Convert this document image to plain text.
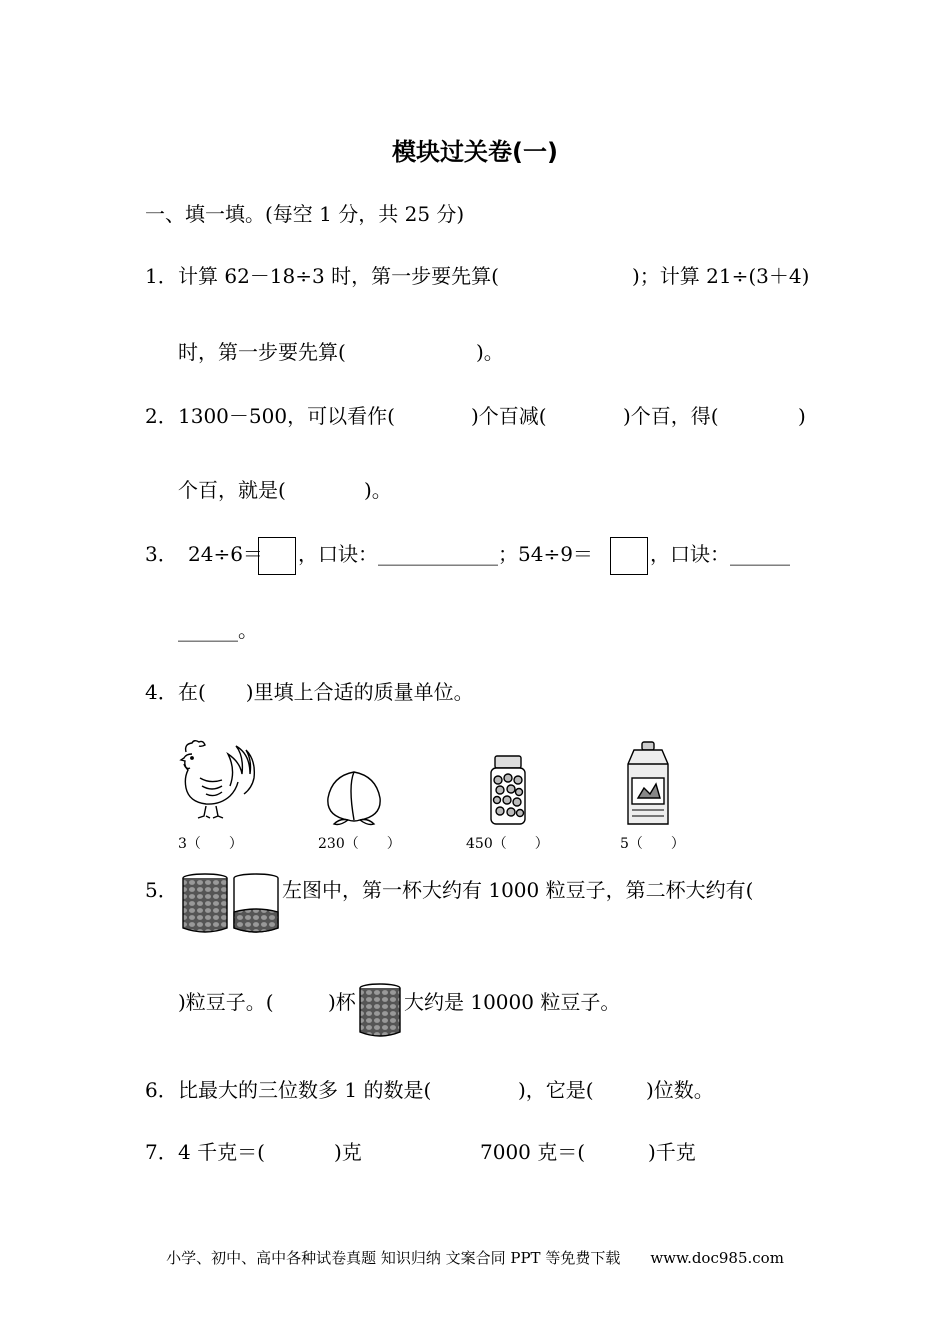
模块过关卷(一)
一、填一填。(每空 1 分，共 25 分)
1． 计算 62－18÷3 时，第一步要先算(	)；计算 21÷(3＋4)
时，第一步要先算(	)。
2． 1300－500，可以看作(	)个百减(	)个百，得(	)
个百，就是(	)。
3． 24÷6＝ ，口诀：____________；54÷9＝	，口诀：______
______。
4． 在(　　)里填上合适的质量单位。
3（　　）	230（　　）	450（　　）	5（　　）
5．	左图中，第一杯大约有 1000 粒豆子，第二杯大约有(
)粒豆子。(	)杯 大约是 10000 粒豆子。
6． 比最大的三位数多 1 的数是(	)，它是(	)位数。
7． 4 千克＝(	)克	7000 克＝(	)千克
小学、初中、高中各种试卷真题 知识归纳 文案合同 PPT 等免费下载　　www.doc985.com
